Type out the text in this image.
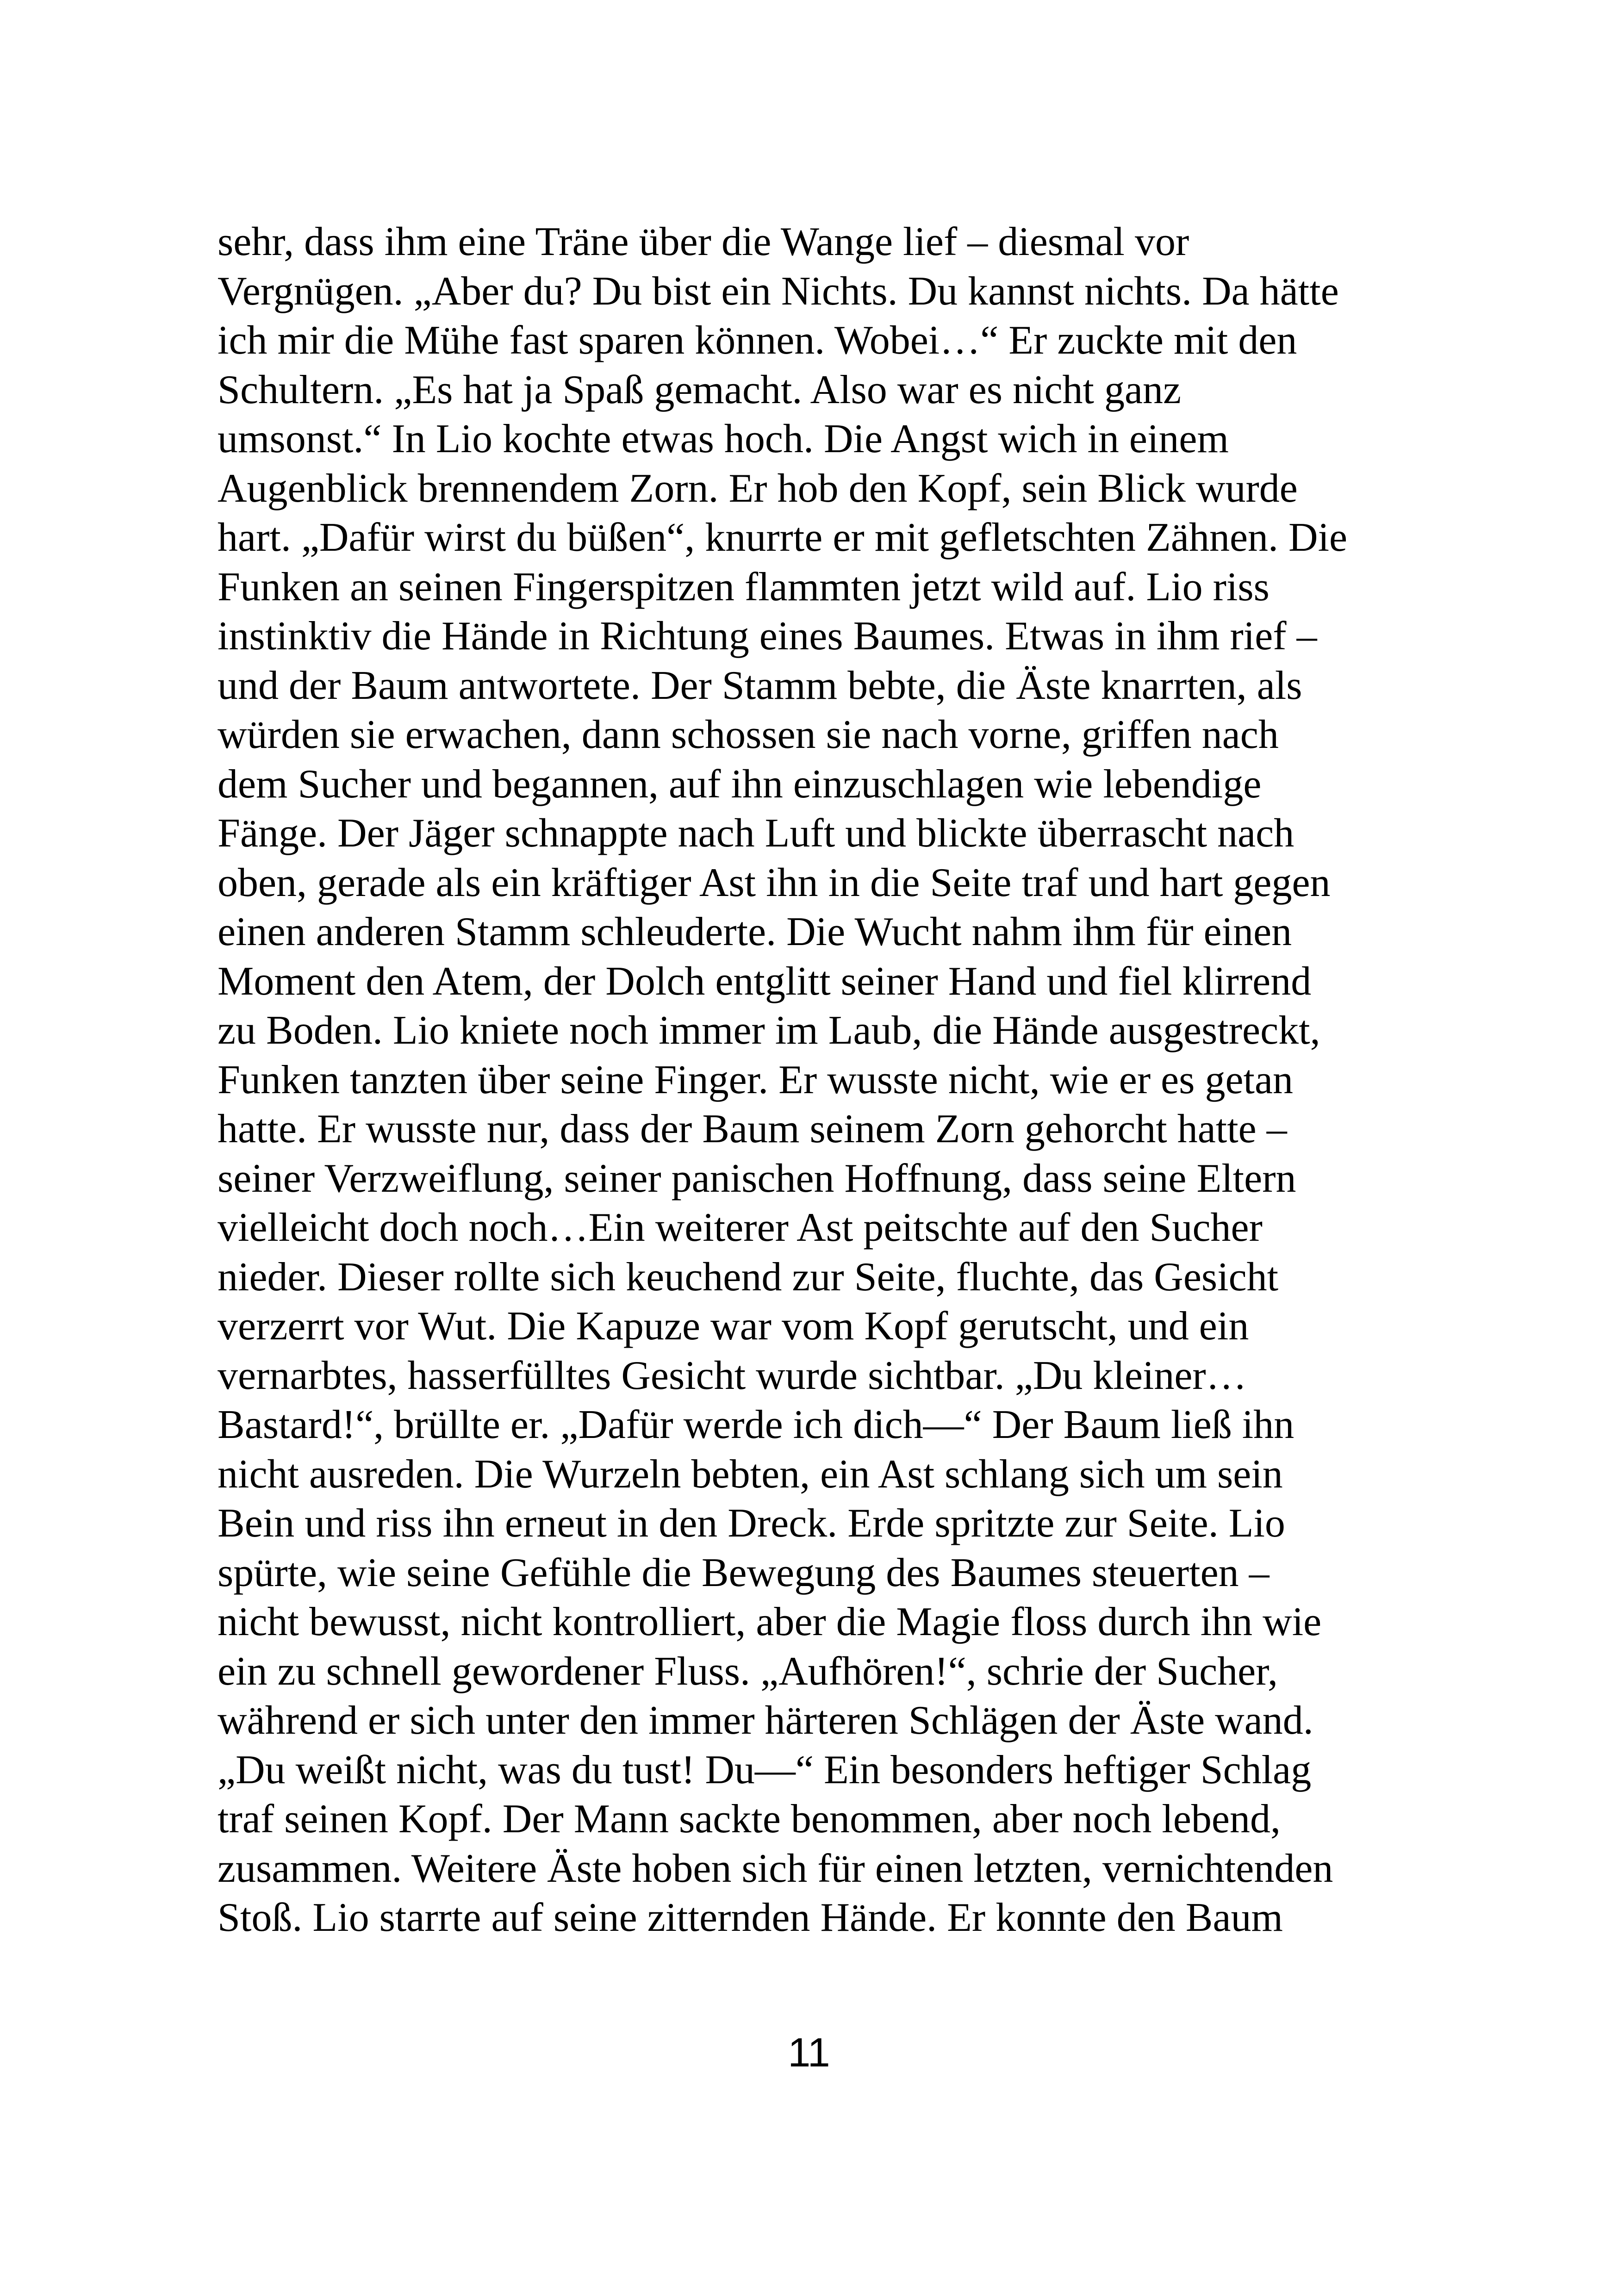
sehr, dass ihm eine Träne über die Wange lief – diesmal vor
Vergnügen. „Aber du? Du bist ein Nichts. Du kannst nichts. Da hätte
ich mir die Mühe fast sparen können. Wobei…“ Er zuckte mit den
Schultern. „Es hat ja Spaß gemacht. Also war es nicht ganz
umsonst.“ In Lio kochte etwas hoch. Die Angst wich in einem
Augenblick brennendem Zorn. Er hob den Kopf, sein Blick wurde
hart. „Dafür wirst du büßen“, knurrte er mit gefletschten Zähnen. Die
Funken an seinen Fingerspitzen flammten jetzt wild auf. Lio riss
instinktiv die Hände in Richtung eines Baumes. Etwas in ihm rief –
und der Baum antwortete. Der Stamm bebte, die Äste knarrten, als
würden sie erwachen, dann schossen sie nach vorne, griffen nach
dem Sucher und begannen, auf ihn einzuschlagen wie lebendige
Fänge. Der Jäger schnappte nach Luft und blickte überrascht nach
oben, gerade als ein kräftiger Ast ihn in die Seite traf und hart gegen
einen anderen Stamm schleuderte. Die Wucht nahm ihm für einen
Moment den Atem, der Dolch entglitt seiner Hand und fiel klirrend
zu Boden. Lio kniete noch immer im Laub, die Hände ausgestreckt,
Funken tanzten über seine Finger. Er wusste nicht, wie er es getan
hatte. Er wusste nur, dass der Baum seinem Zorn gehorcht hatte –
seiner Verzweiflung, seiner panischen Hoffnung, dass seine Eltern
vielleicht doch noch…Ein weiterer Ast peitschte auf den Sucher
nieder. Dieser rollte sich keuchend zur Seite, fluchte, das Gesicht
verzerrt vor Wut. Die Kapuze war vom Kopf gerutscht, und ein
vernarbtes, hasserfülltes Gesicht wurde sichtbar. „Du kleiner…
Bastard!“, brüllte er. „Dafür werde ich dich—“ Der Baum ließ ihn
nicht ausreden. Die Wurzeln bebten, ein Ast schlang sich um sein
Bein und riss ihn erneut in den Dreck. Erde spritzte zur Seite. Lio
spürte, wie seine Gefühle die Bewegung des Baumes steuerten –
nicht bewusst, nicht kontrolliert, aber die Magie floss durch ihn wie
ein zu schnell gewordener Fluss. „Aufhören!“, schrie der Sucher,
während er sich unter den immer härteren Schlägen der Äste wand.
„Du weißt nicht, was du tust! Du—“ Ein besonders heftiger Schlag
traf seinen Kopf. Der Mann sackte benommen, aber noch lebend,
zusammen. Weitere Äste hoben sich für einen letzten, vernichtenden
Stoß. Lio starrte auf seine zitternden Hände. Er konnte den Baum
11
